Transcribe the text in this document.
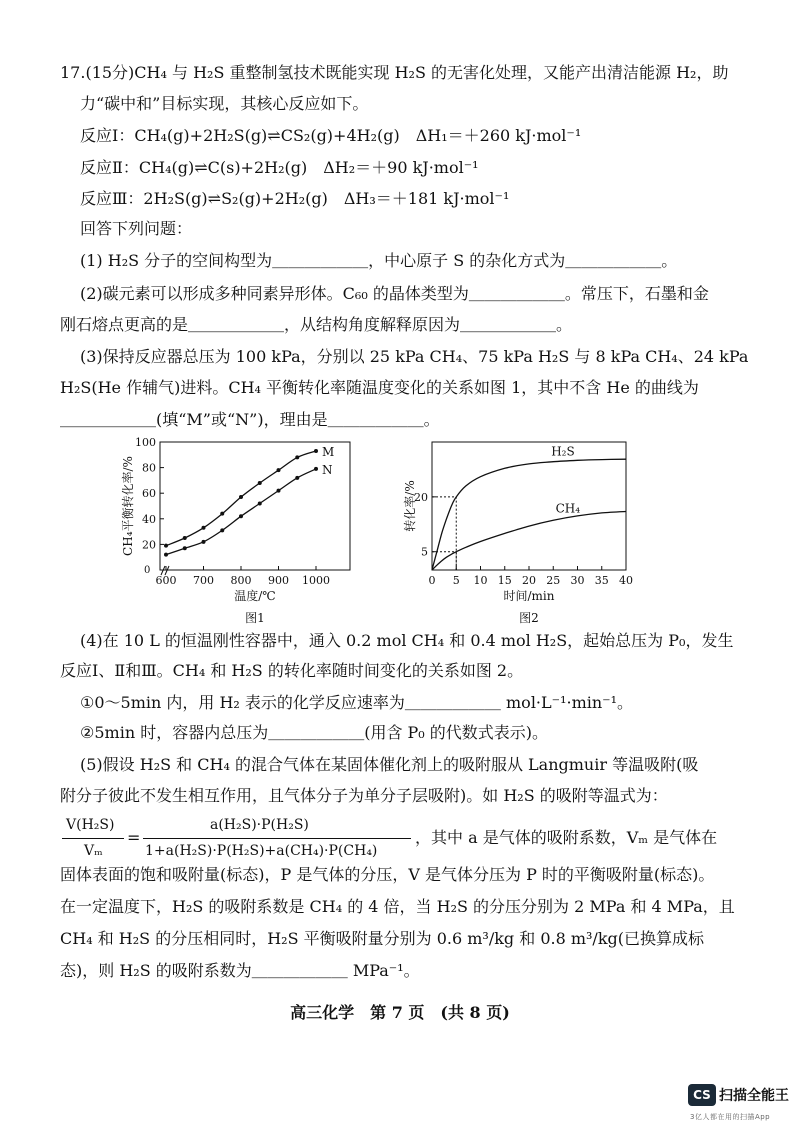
17.(15分)CH₄ 与 H₂S 重整制氢技术既能实现 H₂S 的无害化处理，又能产出清洁能源 H₂，助
力“碳中和”目标实现，其核心反应如下。
反应Ⅰ：CH₄(g)+2H₂S(g)⇌CS₂(g)+4H₂(g)　ΔH₁＝＋260 kJ·mol⁻¹
反应Ⅱ：CH₄(g)⇌C(s)+2H₂(g)　ΔH₂＝＋90 kJ·mol⁻¹
反应Ⅲ：2H₂S(g)⇌S₂(g)+2H₂(g)　ΔH₃＝＋181 kJ·mol⁻¹
回答下列问题：
(1) H₂S 分子的空间构型为＿＿＿＿＿＿，中心原子 S 的杂化方式为＿＿＿＿＿＿。
(2)碳元素可以形成多种同素异形体。C₆₀ 的晶体类型为＿＿＿＿＿＿。常压下，石墨和金
刚石熔点更高的是＿＿＿＿＿＿，从结构角度解释原因为＿＿＿＿＿＿。
(3)保持反应器总压为 100 kPa，分别以 25 kPa CH₄、75 kPa H₂S 与 8 kPa CH₄、24 kPa
H₂S(He 作辅气)进料。CH₄ 平衡转化率随温度变化的关系如图 1，其中不含 He 的曲线为
＿＿＿＿＿＿(填“M”或“N”)，理由是＿＿＿＿＿＿。
0
20
40
60
80
100
600 700 800 900 1000
M
N
温度/℃
CH₄平衡转化率/%
图1
0 5 10 15 20 25 30 35 40
5
20
H₂S
CH₄
时间/min
转化率/%
图2
(4)在 10 L 的恒温刚性容器中，通入 0.2 mol CH₄ 和 0.4 mol H₂S，起始总压为 P₀，发生
反应Ⅰ、Ⅱ和Ⅲ。CH₄ 和 H₂S 的转化率随时间变化的关系如图 2。
①0～5min 内，用 H₂ 表示的化学反应速率为＿＿＿＿＿＿ mol·L⁻¹·min⁻¹。
②5min 时，容器内总压为＿＿＿＿＿＿(用含 P₀ 的代数式表示)。
(5)假设 H₂S 和 CH₄ 的混合气体在某固体催化剂上的吸附服从 Langmuir 等温吸附(吸
附分子彼此不发生相互作用，且气体分子为单分子层吸附)。如 H₂S 的吸附等温式为：
V(H₂S)
Vₘ
=
a(H₂S)·P(H₂S)
1+a(H₂S)·P(H₂S)+a(CH₄)·P(CH₄)
，其中 a 是气体的吸附系数，Vₘ 是气体在
固体表面的饱和吸附量(标态)，P 是气体的分压，V 是气体分压为 P 时的平衡吸附量(标态)。
在一定温度下，H₂S 的吸附系数是 CH₄ 的 4 倍，当 H₂S 的分压分别为 2 MPa 和 4 MPa，且
CH₄ 和 H₂S 的分压相同时，H₂S 平衡吸附量分别为 0.6 m³/kg 和 0.8 m³/kg(已换算成标
态)，则 H₂S 的吸附系数为＿＿＿＿＿＿ MPa⁻¹。
高三化学　第 7 页　(共 8 页)
CS 扫描全能王
3亿人都在用的扫描App
